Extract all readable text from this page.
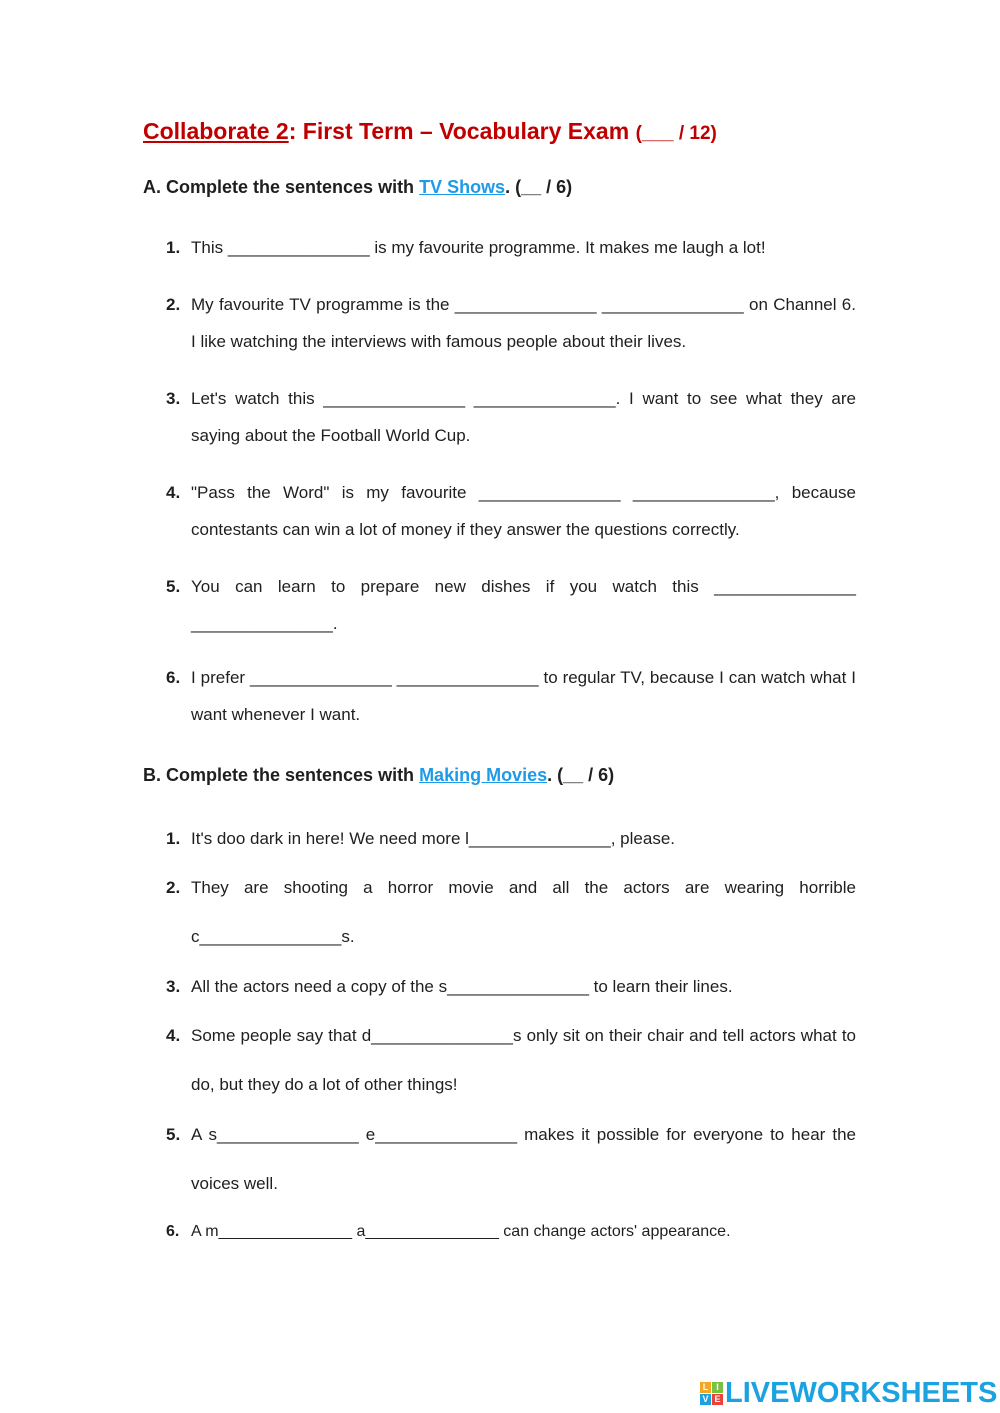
Collaborate 2: First Term – Vocabulary Exam (___ / 12)
A. Complete the sentences with TV Shows. (__ / 6)
1. This _______________ is my favourite programme. It makes me laugh a lot!
2. My favourite TV programme is the _______________ _______________ on Channel 6. I like watching the interviews with famous people about their lives.
3. Let's watch this _______________ _______________. I want to see what they are saying about the Football World Cup.
4. "Pass the Word" is my favourite _______________ _______________, because contestants can win a lot of money if they answer the questions correctly.
5. You can learn to prepare new dishes if you watch this _______________ _______________.
6. I prefer _______________ _______________ to regular TV, because I can watch what I want whenever I want.
B. Complete the sentences with Making Movies. (__ / 6)
1. It's doo dark in here! We need more l_______________, please.
2. They are shooting a horror movie and all the actors are wearing horrible c_______________s.
3. All the actors need a copy of the s_______________ to learn their lines.
4. Some people say that d_______________s only sit on their chair and tell actors what to do, but they do a lot of other things!
5. A s_______________ e_______________ makes it possible for everyone to hear the voices well.
6. A m_______________ a_______________ can change actors' appearance.
L I
V E LIVEWORKSHEETS
